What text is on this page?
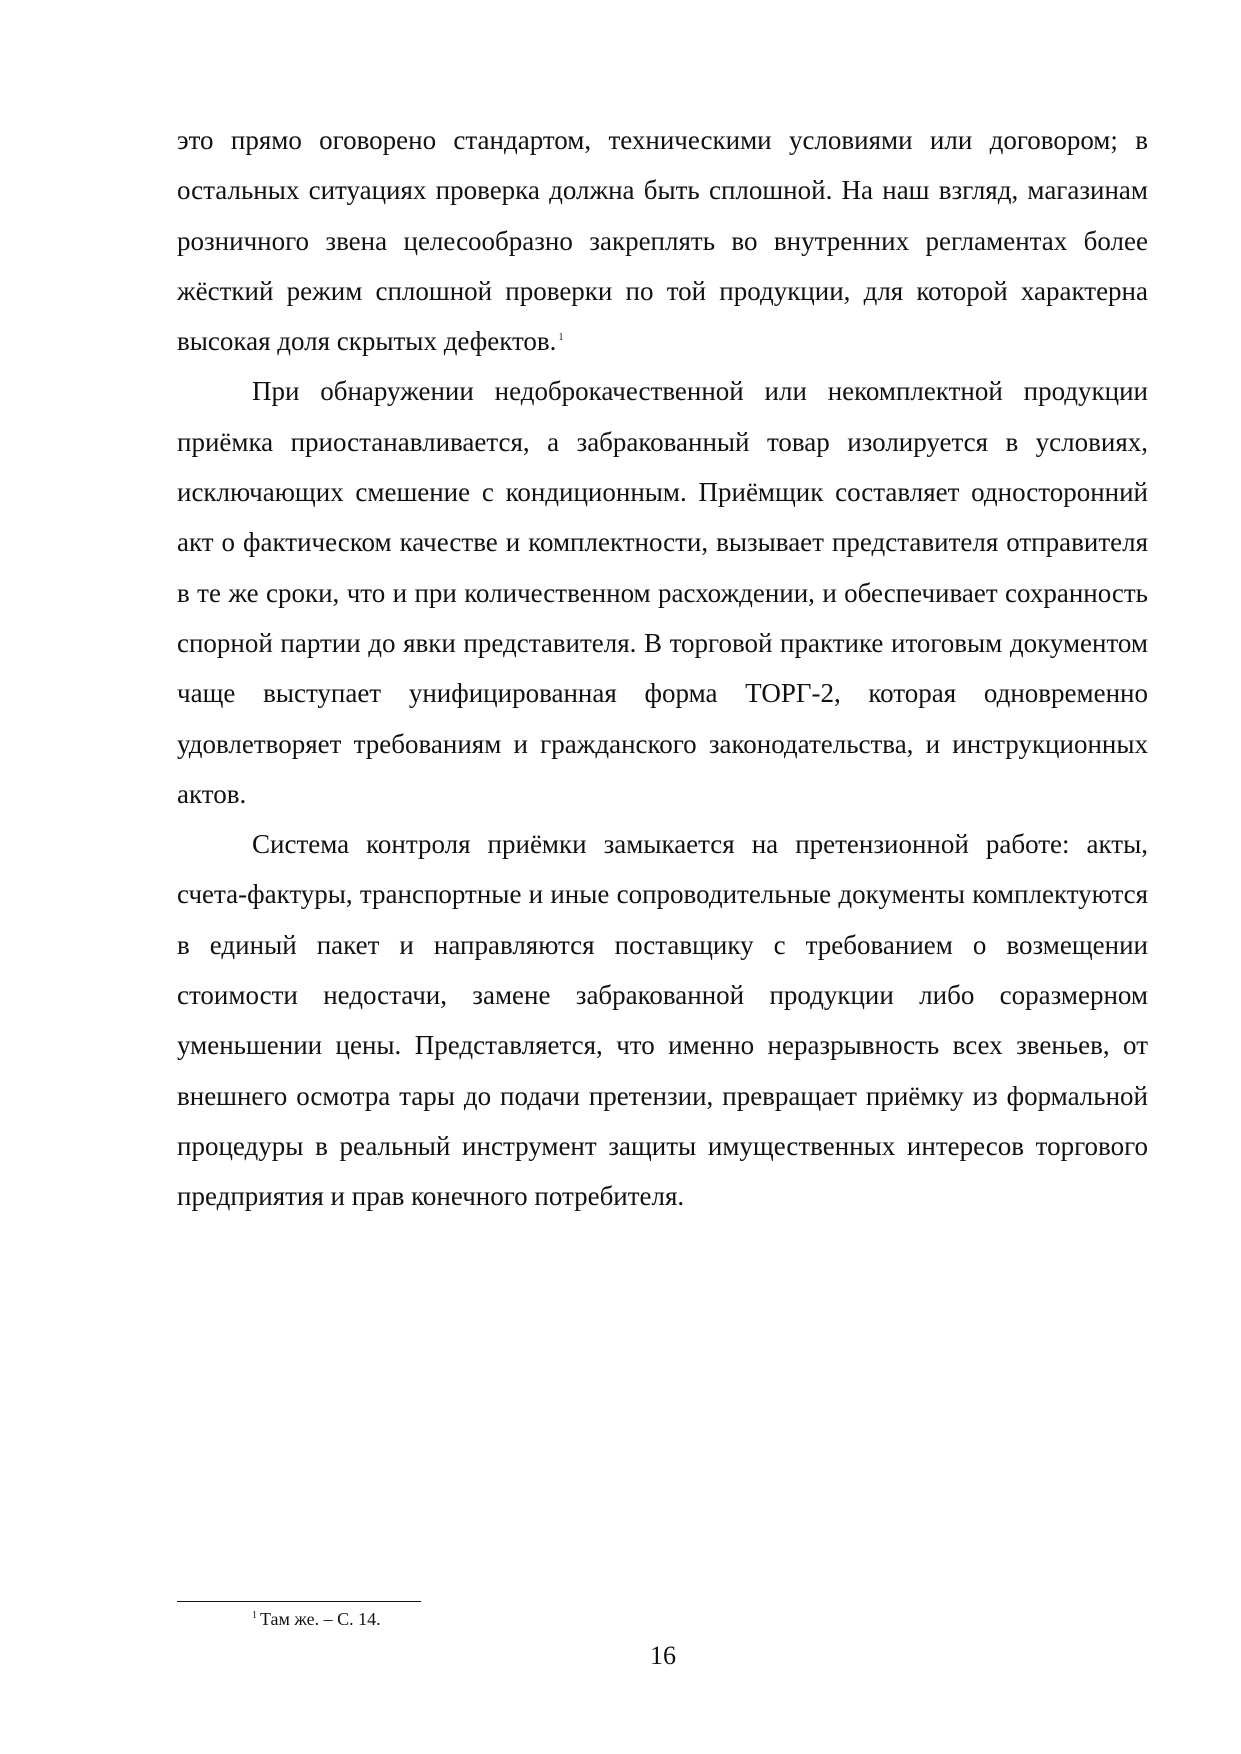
это прямо оговорено стандартом, техническими условиями или договором; в остальных ситуациях проверка должна быть сплошной. На наш взгляд, магазинам розничного звена целесообразно закреплять во внутренних регламентах более жёсткий режим сплошной проверки по той продукции, для которой характерна высокая доля скрытых дефектов. $^1$

При обнаружении недоброкачественной или некомплектной продукции приёмка приостанавливается, а забракованный товар изолируется в условиях, исключающих смешение с кондиционным. Приёмщик составляет односторонний акт о фактическом качестве и комплектности, вызывает представителя отправителя в те же сроки, что и при количественном расхождении, и обеспечивает сохранность спорной партии до явки представителя. В торговой практике итоговым документом чаще выступает унифицированная форма ТОРГ-2, которая одновременно удовлетворяет требованиям и гражданского законодательства, и инструкционных актов.

Система контроля приёмки замыкается на претензионной работе: акты, счета-фактуры, транспортные и иные сопроводительные документы комплектуются в единый пакет и направляются поставщику с требованием о возмещении стоимости недостачи, замене забракованной продукции либо соразмерном уменьшении цены. Представляется, что именно неразрывность всех звеньев, от внешнего осмотра тары до подачи претензии, превращает приёмку из формальной процедуры в реальный инструмент защиты имущественных интересов торгового предприятия и прав конечного потребителя.

$^1$ Там же. – С. 14.
16
